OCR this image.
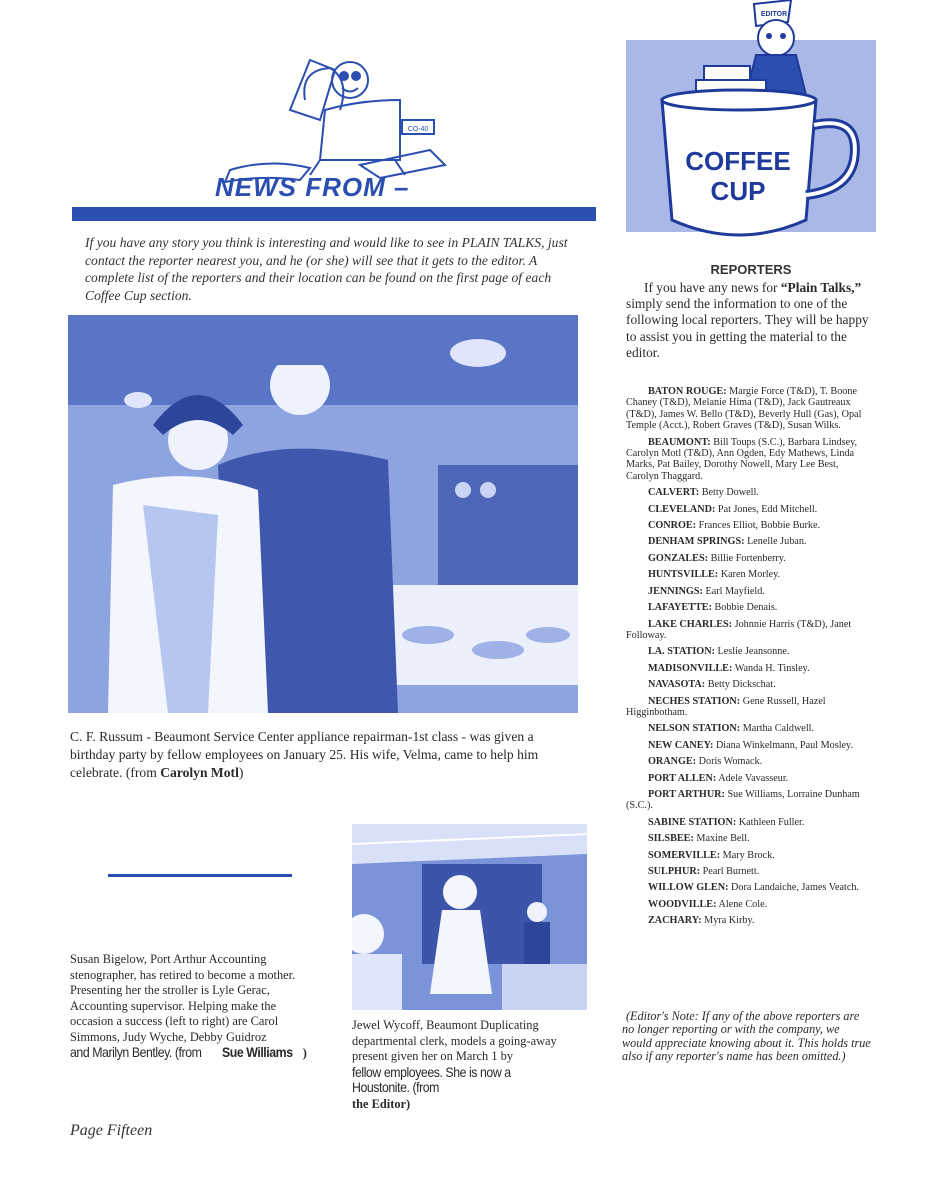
CO-40
NEWS FROM –
If you have any story you think is interesting and would like to see in PLAIN TALKS, just contact the reporter nearest you, and he (or she) will see that it gets to the editor. A complete list of the reporters and their location can be found on the first page of each Coffee Cup section.
C. F. Russum - Beaumont Service Center appliance repairman-1st class - was given a birthday party by fellow employees on January 25. His wife, Velma, came to help him celebrate. (from Carolyn Motl)
Susan Bigelow, Port Arthur Accounting stenographer, has retired to become a mother. Presenting her the stroller is Lyle Gerac, Accounting supervisor. Helping make the occasion a success (left to right) are Carol Simmons, Judy Wyche, Debby Guidroz and Marilyn Bentley. (from Sue Williams )
Jewel Wycoff, Beaumont Duplicating departmental clerk, models a going-away present given her on March 1 by fellow employees. She is now a Houstonite. (from the Editor)
Page Fifteen
EDITOR
COFFEE
CUP
REPORTERS
If you have any news for “Plain Talks,” simply send the information to one of the following local reporters. They will be happy to assist you in getting the material to the editor.
BATON ROUGE: Margie Force (T&D), T. Boone Chaney (T&D), Melanie Hima (T&D), Jack Gautreaux (T&D), James W. Bello (T&D), Beverly Hull (Gas), Opal Temple (Acct.), Robert Graves (T&D), Susan Wilks.
BEAUMONT: Bill Toups (S.C.), Barbara Lindsey, Carolyn Motl (T&D), Ann Ogden, Edy Mathews, Linda Marks, Pat Bailey, Dorothy Nowell, Mary Lee Best, Carolyn Thaggard.
CALVERT: Betty Dowell.
CLEVELAND: Pat Jones, Edd Mitchell.
CONROE: Frances Elliot, Bobbie Burke.
DENHAM SPRINGS: Lenelle Juban.
GONZALES: Billie Fortenberry.
HUNTSVILLE: Karen Morley.
JENNINGS: Earl Mayfield.
LAFAYETTE: Bobbie Denais.
LAKE CHARLES: Johnnie Harris (T&D), Janet Followay.
LA. STATION: Leslie Jeansonne.
MADISONVILLE: Wanda H. Tinsley.
NAVASOTA: Betty Dickschat.
NECHES STATION: Gene Russell, Hazel Higginbotham.
NELSON STATION: Martha Caldwell.
NEW CANEY: Diana Winkelmann, Paul Mosley.
ORANGE: Doris Womack.
PORT ALLEN: Adele Vavasseur.
PORT ARTHUR: Sue Williams, Lorraine Dunham (S.C.).
SABINE STATION: Kathleen Fuller.
SILSBEE: Maxine Bell.
SOMERVILLE: Mary Brock.
SULPHUR: Pearl Burnett.
WILLOW GLEN: Dora Landaiche, James Veatch.
WOODVILLE: Alene Cole.
ZACHARY: Myra Kirby.
(Editor's Note: If any of the above reporters are no longer reporting or with the company, we would appreciate knowing about it. This holds true also if any reporter's name has been omitted.)
